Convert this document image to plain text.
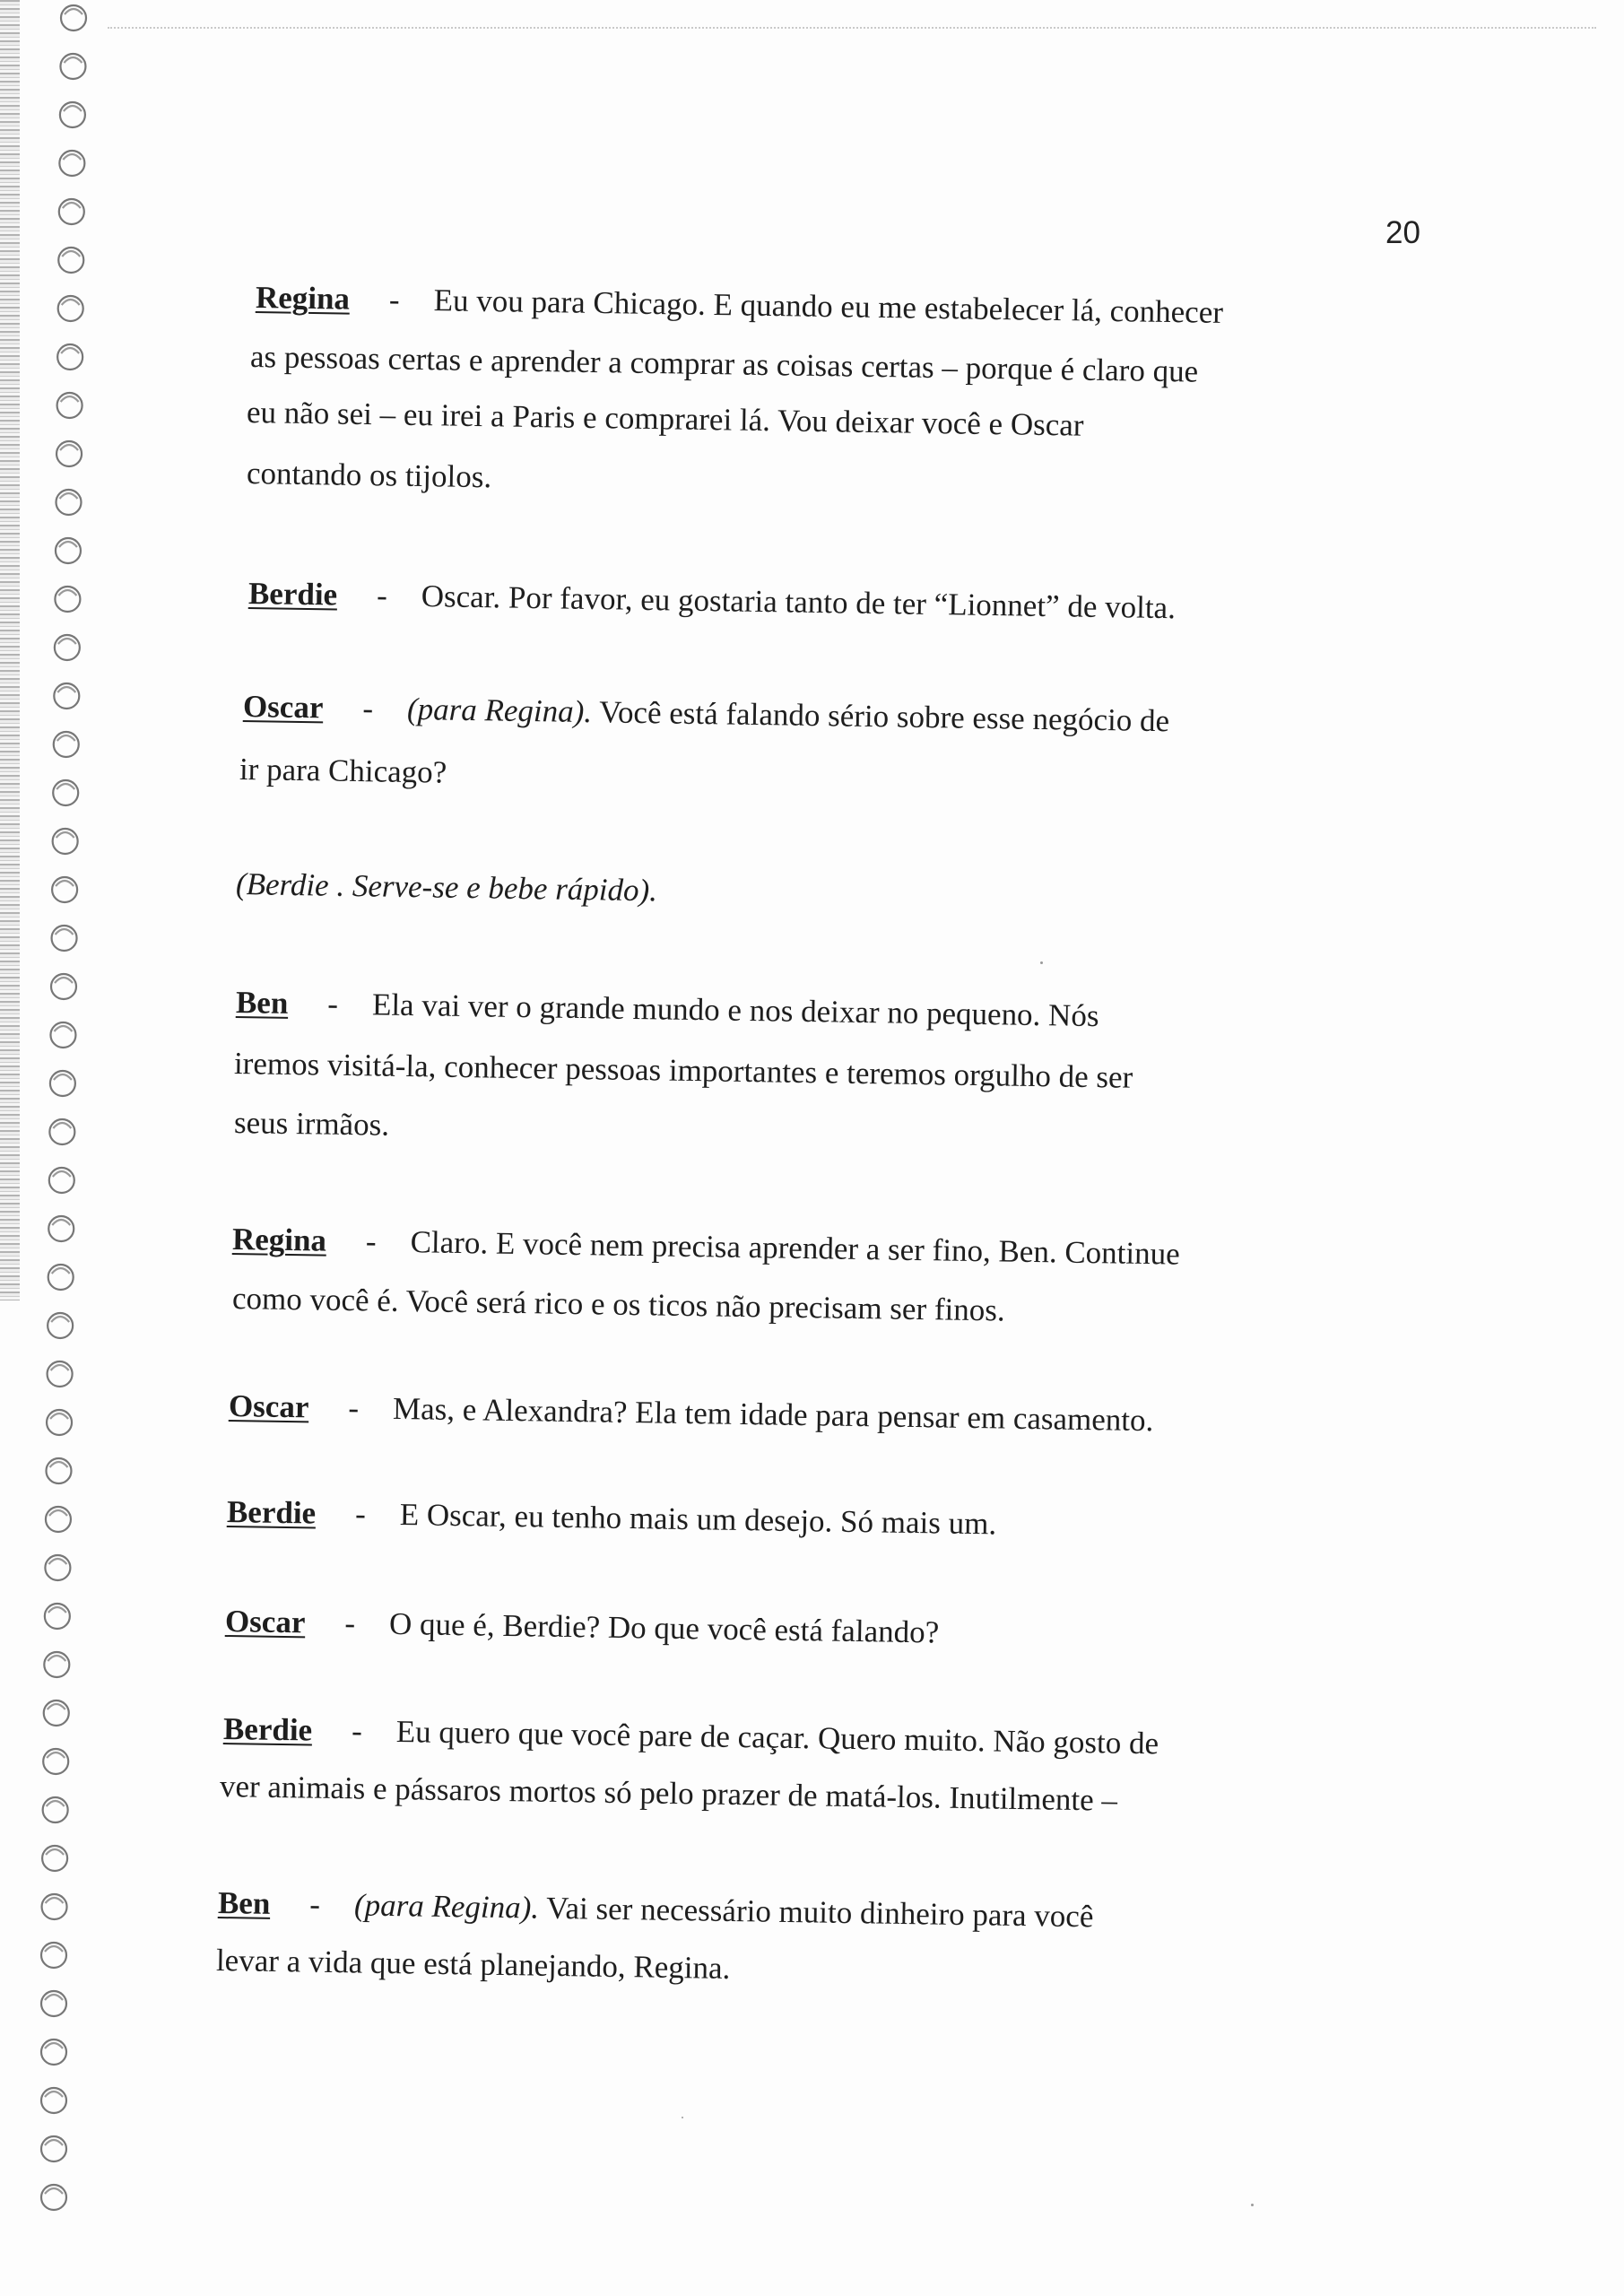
20
Regina - Eu vou para Chicago. E quando eu me estabelecer lá, conhecer
as pessoas certas e aprender a comprar as coisas certas – porque é claro que
eu não sei – eu irei a Paris e comprarei lá. Vou deixar você e Oscar
contando os tijolos.
Berdie - Oscar. Por favor, eu gostaria tanto de ter “Lionnet” de volta.
Oscar - (para Regina). Você está falando sério sobre esse negócio de
ir para Chicago?
(Berdie . Serve-se e bebe rápido).
Ben - Ela vai ver o grande mundo e nos deixar no pequeno. Nós
iremos visitá-la, conhecer pessoas importantes e teremos orgulho de ser
seus irmãos.
Regina - Claro. E você nem precisa aprender a ser fino, Ben. Continue
como você é. Você será rico e os ticos não precisam ser finos.
Oscar - Mas, e Alexandra? Ela tem idade para pensar em casamento.
Berdie - E Oscar, eu tenho mais um desejo. Só mais um.
Oscar - O que é, Berdie? Do que você está falando?
Berdie - Eu quero que você pare de caçar. Quero muito. Não gosto de
ver animais e pássaros mortos só pelo prazer de matá-los. Inutilmente –
Ben - (para Regina). Vai ser necessário muito dinheiro para você
levar a vida que está planejando, Regina.
